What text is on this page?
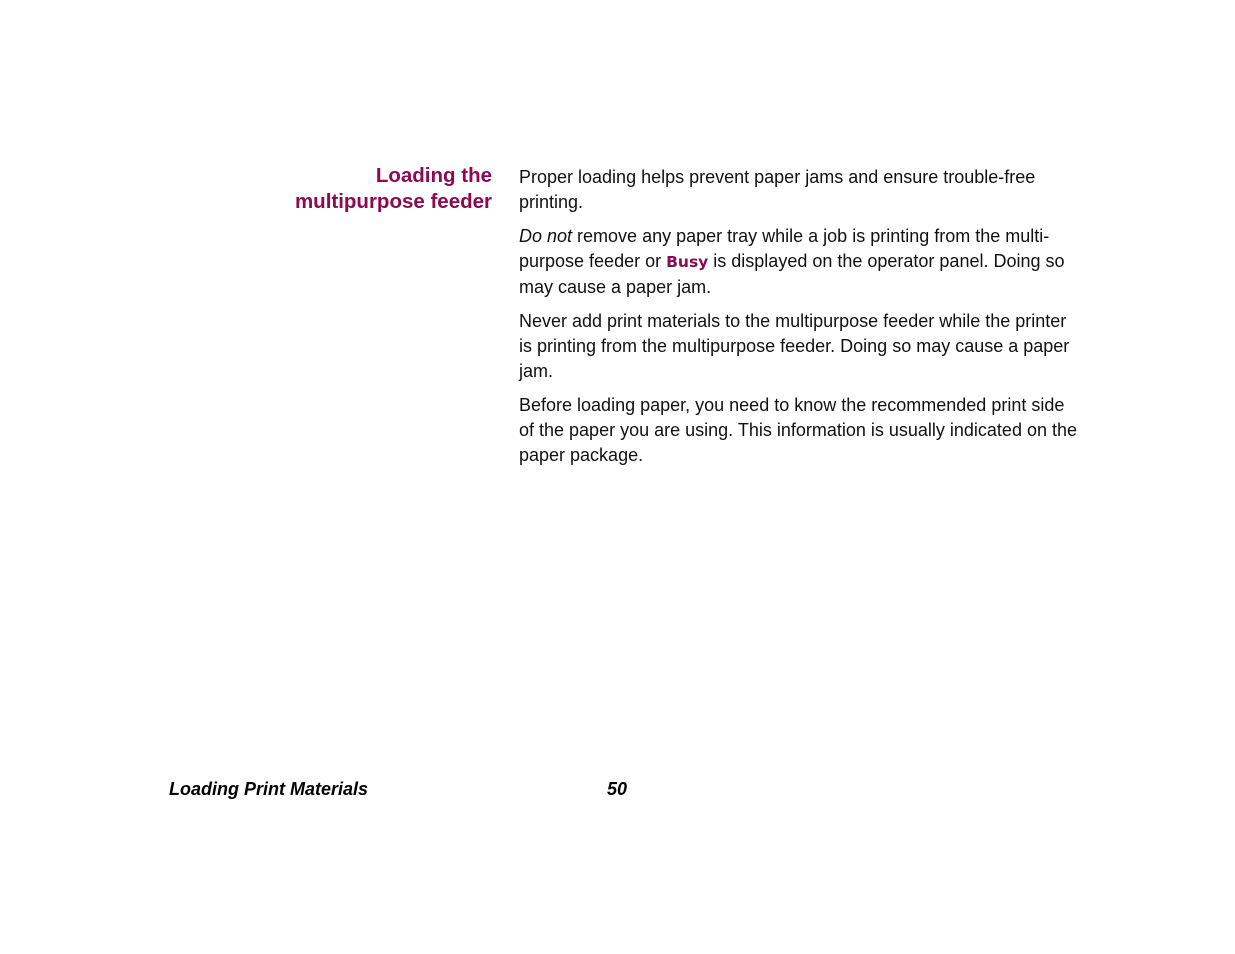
Loading the
multipurpose feeder

Proper loading helps prevent paper jams and ensure trouble-free printing.

Do not remove any paper tray while a job is printing from the multi-purpose feeder or Busy is displayed on the operator panel. Doing so may cause a paper jam.

Never add print materials to the multipurpose feeder while the printer is printing from the multipurpose feeder. Doing so may cause a paper jam.

Before loading paper, you need to know the recommended print side of the paper you are using. This information is usually indicated on the paper package.

Loading Print Materials	50
